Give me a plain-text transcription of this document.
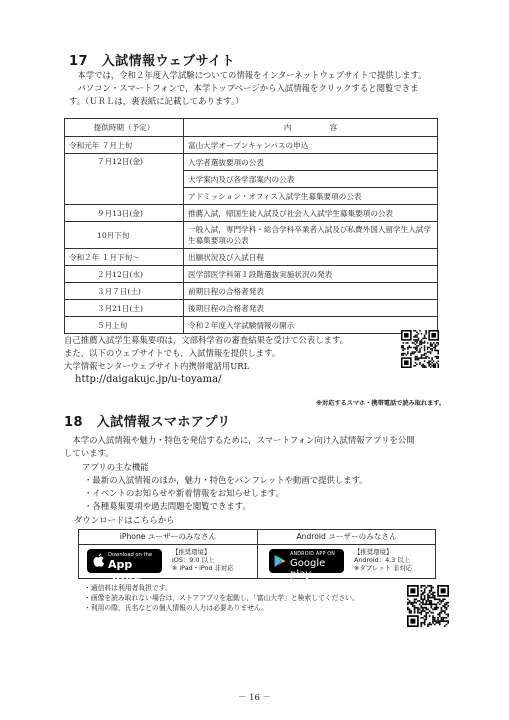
17　入試情報ウェブサイト
　本学では，令和２年度入学試験についての情報をインターネットウェブサイトで提供します。
　パソコン・スマートフォンで，本学トップページから入試情報をクリックすると閲覧できま
す。（ＵＲＬは，裏表紙に記載してあります。）
提供時期（予定）	内　　　　　容
令和元年 ７月上旬	富山大学オープンキャンパスの申込
７月12日(金)	入学者選抜要項の公表
	大学案内及び各学部案内の公表
	アドミッション・オフィス入試学生募集要項の公表
９月13日(金)	推薦入試，帰国生徒入試及び社会人入試学生募集要項の公表
10月下旬	一般入試，専門学科・総合学科卒業者入試及び私費外国人留学生入試学生募集要項の公表
令和２年 １月下旬〜	出願状況及び入試日程
２月12日(水)	医学部医学科第１段階選抜実施状況の発表
３月７日(土)	前期日程の合格者発表
３月21日(土)	後期日程の合格者発表
５月上旬	令和２年度入学試験情報の開示
自己推薦入試学生募集要項は，文部科学省の審査結果を受けて公表します。
また，以下のウェブサイトでも，入試情報を提供します。
大学情報センターウェブサイト内携帯電話用URL
http://daigakujc.jp/u-toyama/
※対応するスマホ・携帯電話で読み取れます。
18　入試情報スマホアプリ
　本学の入試情報や魅力・特色を発信するために，スマートフォン向け入試情報アプリを公開
しています。
アプリの主な機能
・最新の入試情報のほか，魅力・特色をパンフレットや動画で提供します。
・イベントのお知らせや新着情報をお知らせします。
・各種募集要項や過去問題を閲覧できます。
ダウンロードはこちらから
iPhone ユーザーのみなさん
Download on the
App Store
【推奨環境】
iOS：9.0 以上
※ iPad・iPod 非対応
Android ユーザーのみなさん
ANDROID APP ON
Google play
【推奨環境】
Android：4.3 以上
※タブレット 非対応
・通信料は利用者負担です。
・画像を読み取れない場合は，ストアアプリを起動し，「富山大学」と検索してください。
・利用の際，氏名などの個人情報の入力は必要ありません。
－ 16 －
